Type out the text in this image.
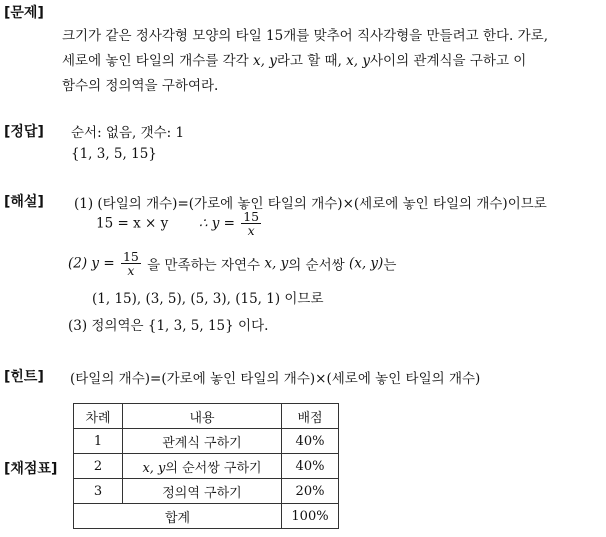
[문제]
크기가 같은 정사각형 모양의 타일 15개를 맞추어 직사각형을 만들려고 한다. 가로,
세로에 놓인 타일의 개수를 각각 x, y라고 할 때, x, y사이의 관계식을 구하고 이
함수의 정의역을 구하여라.
[정답] 순서: 없음, 갯수: 1
{1, 3, 5, 15}
[해설] (1) (타일의 개수)=(가로에 놓인 타일의 개수)×(세로에 놓인 타일의 개수)이므로
15 = x × y ∴ $y = \frac{15}{x}$
(2) $y = \frac{15}{x}$ 을 만족하는 자연수 x, y의 순서쌍 (x, y)는
(1, 15), (3, 5), (5, 3), (15, 1) 이므로
(3) 정의역은 {1, 3, 5, 15} 이다.
[힌트] (타일의 개수)=(가로에 놓인 타일의 개수)×(세로에 놓인 타일의 개수)
[채점표]
차례	내용	배점
1	관계식 구하기	40%
2	x, y의 순서쌍 구하기	40%
3	정의역 구하기	20%
합계		100%
